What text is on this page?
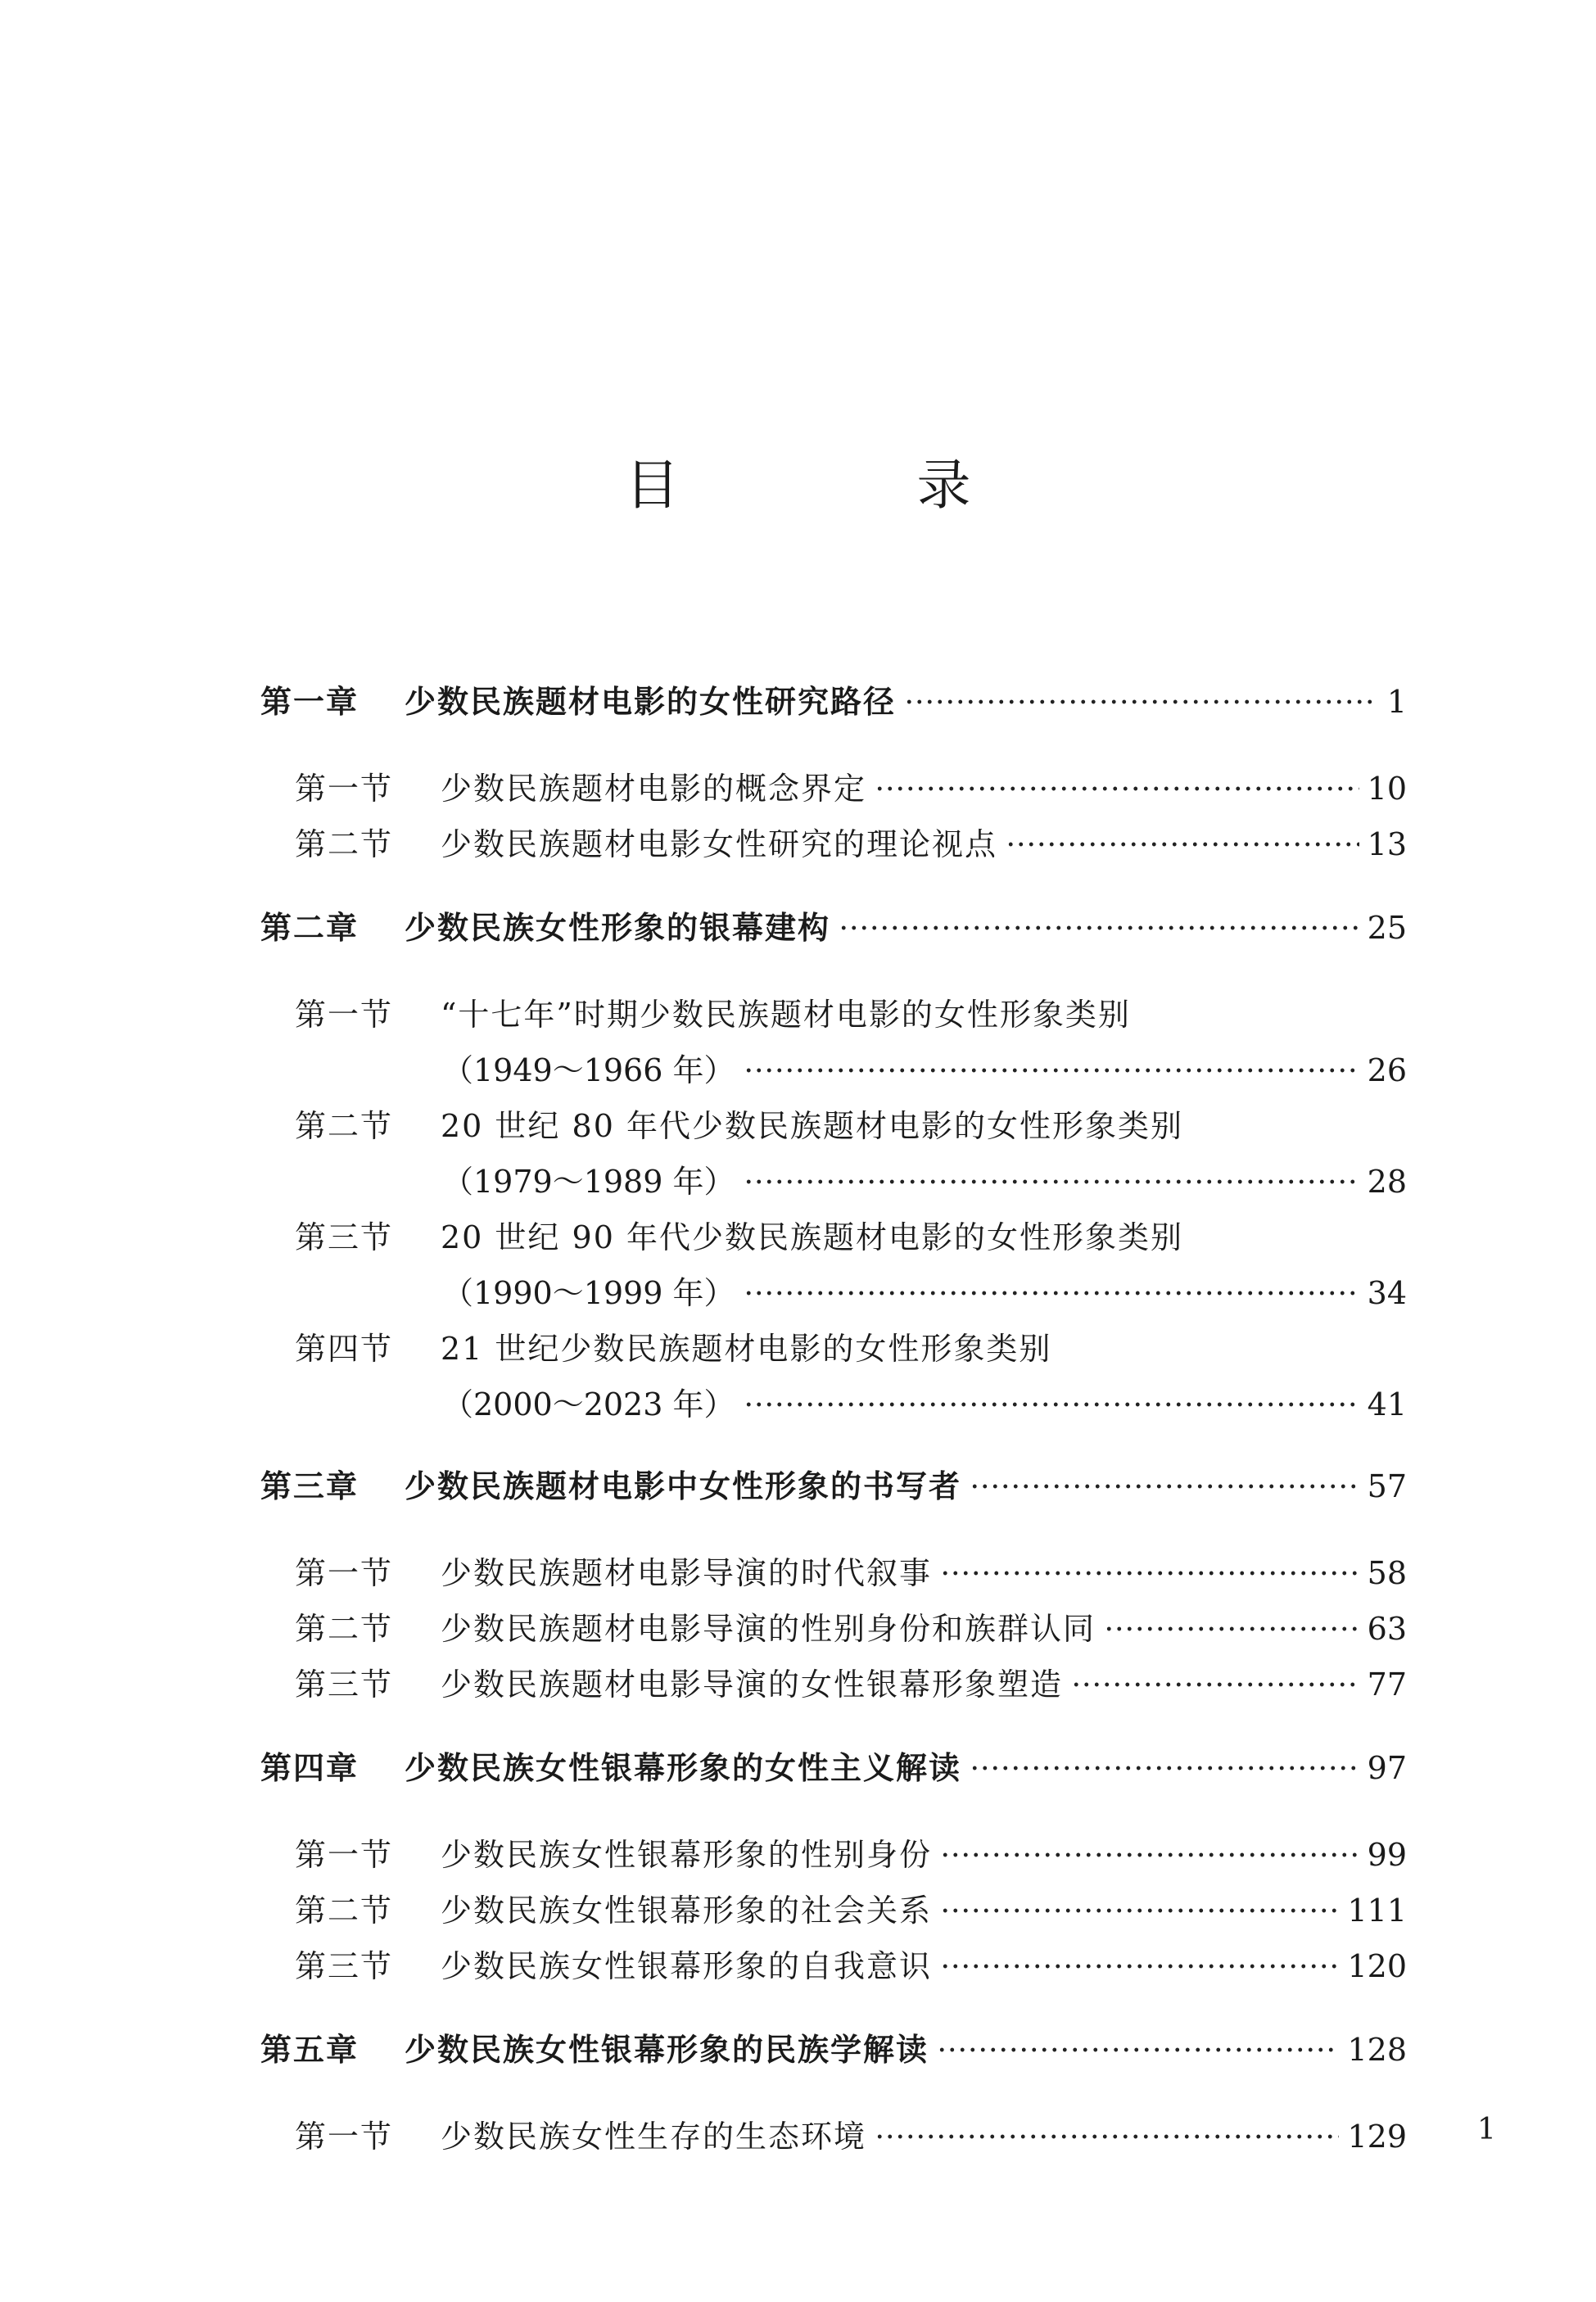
目　录
第一章	少数民族题材电影的女性研究路径	1
第一节	少数民族题材电影的概念界定	10
第二节	少数民族题材电影女性研究的理论视点	13
第二章	少数民族女性形象的银幕建构	25
第一节	“十七年”时期少数民族题材电影的女性形象类别
（1949～1966 年）	26
第二节	20 世纪 80 年代少数民族题材电影的女性形象类别
（1979～1989 年）	28
第三节	20 世纪 90 年代少数民族题材电影的女性形象类别
（1990～1999 年）	34
第四节	21 世纪少数民族题材电影的女性形象类别
（2000～2023 年）	41
第三章	少数民族题材电影中女性形象的书写者	57
第一节	少数民族题材电影导演的时代叙事	58
第二节	少数民族题材电影导演的性别身份和族群认同	63
第三节	少数民族题材电影导演的女性银幕形象塑造	77
第四章	少数民族女性银幕形象的女性主义解读	97
第一节	少数民族女性银幕形象的性别身份	99
第二节	少数民族女性银幕形象的社会关系	111
第三节	少数民族女性银幕形象的自我意识	120
第五章	少数民族女性银幕形象的民族学解读	128
第一节	少数民族女性生存的生态环境	129 1
